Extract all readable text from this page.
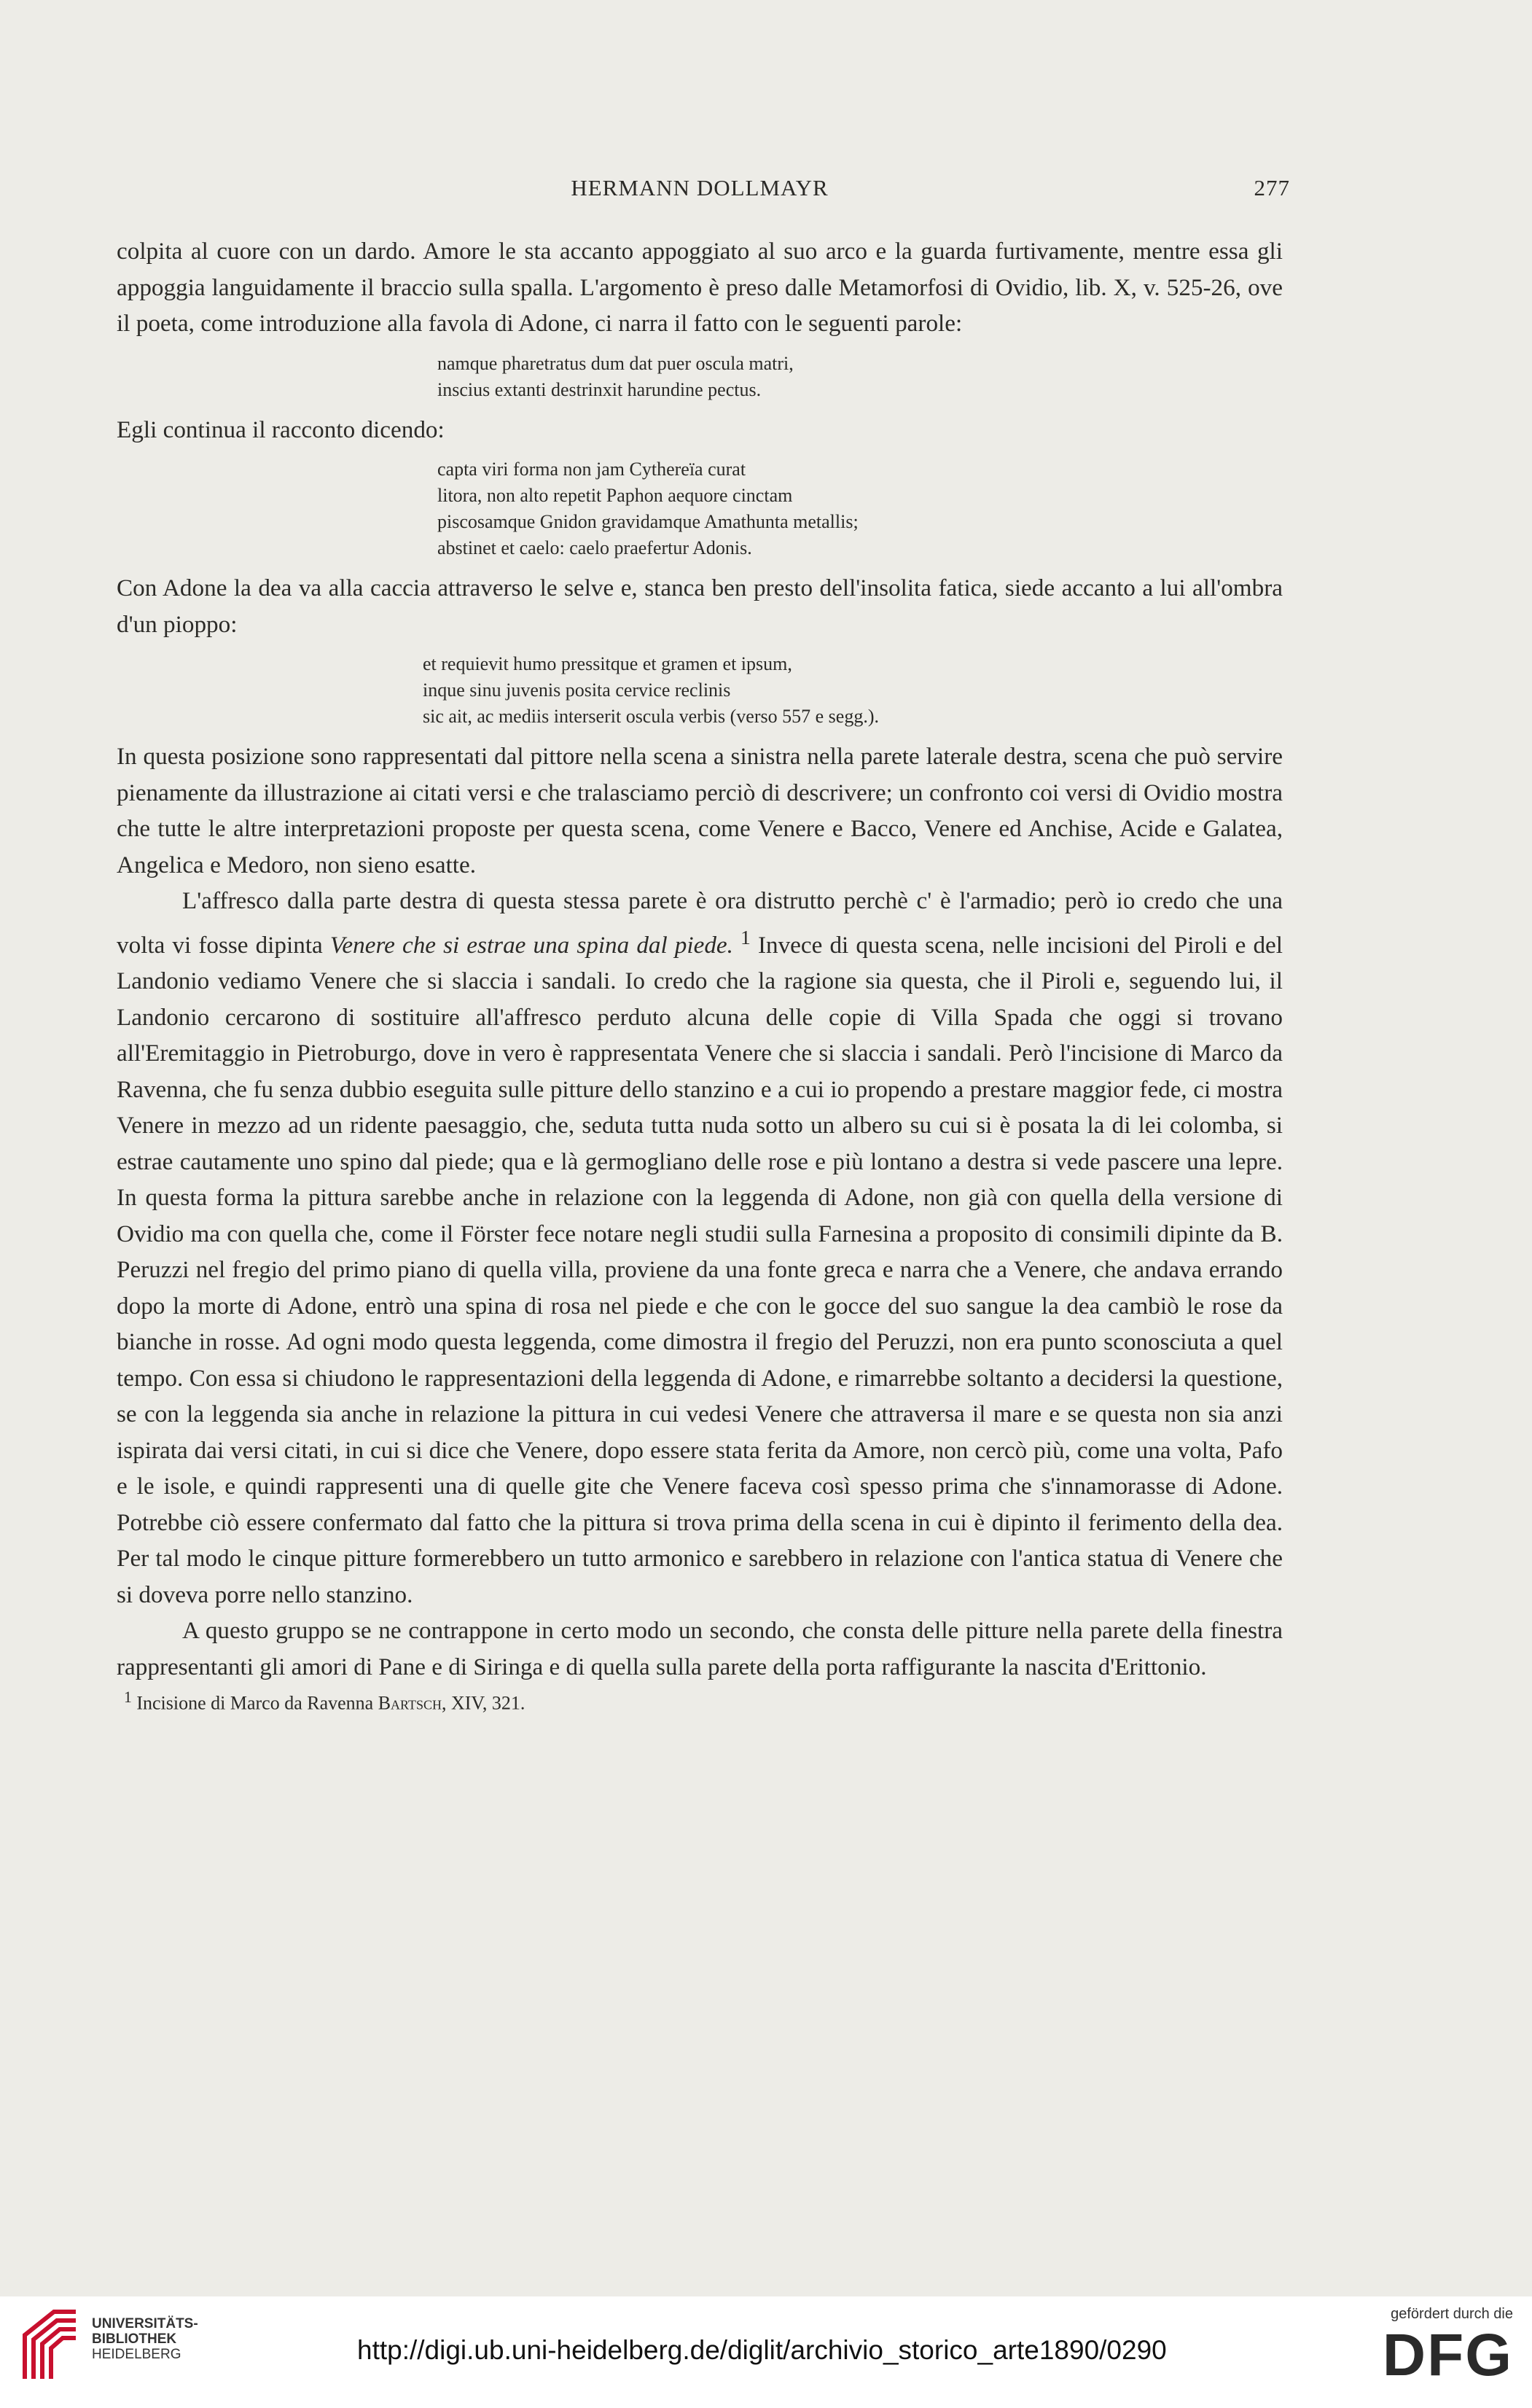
HERMANN DOLLMAYR	277

colpita al cuore con un dardo. Amore le sta accanto appoggiato al suo arco e la guarda furtivamente, mentre essa gli appoggia languidamente il braccio sulla spalla. L'argomento è preso dalle Metamorfosi di Ovidio, lib. X, v. 525-26, ove il poeta, come introduzione alla favola di Adone, ci narra il fatto con le seguenti parole:

namque pharetratus dum dat puer oscula matri,
inscius extanti destrinxit harundine pectus.

Egli continua il racconto dicendo:

capta viri forma non jam Cythereïa curat
litora, non alto repetit Paphon aequore cinctam
piscosamque Gnidon gravidamque Amathunta metallis;
abstinet et caelo: caelo praefertur Adonis.

Con Adone la dea va alla caccia attraverso le selve e, stanca ben presto dell'insolita fatica, siede accanto a lui all'ombra d'un pioppo:

et requievit humo pressitque et gramen et ipsum,
inque sinu juvenis posita cervice reclinis
sic ait, ac mediis interserit oscula verbis (verso 557 e segg.).

In questa posizione sono rappresentati dal pittore nella scena a sinistra nella parete laterale destra, scena che può servire pienamente da illustrazione ai citati versi e che tralasciamo perciò di descrivere; un confronto coi versi di Ovidio mostra che tutte le altre interpretazioni proposte per questa scena, come Venere e Bacco, Venere ed Anchise, Acide e Galatea, Angelica e Medoro, non sieno esatte.

L'affresco dalla parte destra di questa stessa parete è ora distrutto perchè c' è l'armadio; però io credo che una volta vi fosse dipinta Venere che si estrae una spina dal piede. $^1$ Invece di questa scena, nelle incisioni del Piroli e del Landonio vediamo Venere che si slaccia i sandali. Io credo che la ragione sia questa, che il Piroli e, seguendo lui, il Landonio cercarono di sostituire all'affresco perduto alcuna delle copie di Villa Spada che oggi si trovano all'Eremitaggio in Pietroburgo, dove in vero è rappresentata Venere che si slaccia i sandali. Però l'incisione di Marco da Ravenna, che fu senza dubbio eseguita sulle pitture dello stanzino e a cui io propendo a prestare maggior fede, ci mostra Venere in mezzo ad un ridente paesaggio, che, seduta tutta nuda sotto un albero su cui si è posata la di lei colomba, si estrae cautamente uno spino dal piede; qua e là germogliano delle rose e più lontano a destra si vede pascere una lepre. In questa forma la pittura sarebbe anche in relazione con la leggenda di Adone, non già con quella della versione di Ovidio ma con quella che, come il Förster fece notare negli studii sulla Farnesina a proposito di consimili dipinte da B. Peruzzi nel fregio del primo piano di quella villa, proviene da una fonte greca e narra che a Venere, che andava errando dopo la morte di Adone, entrò una spina di rosa nel piede e che con le gocce del suo sangue la dea cambiò le rose da bianche in rosse. Ad ogni modo questa leggenda, come dimostra il fregio del Peruzzi, non era punto sconosciuta a quel tempo. Con essa si chiudono le rappresentazioni della leggenda di Adone, e rimarrebbe soltanto a decidersi la questione, se con la leggenda sia anche in relazione la pittura in cui vedesi Venere che attraversa il mare e se questa non sia anzi ispirata dai versi citati, in cui si dice che Venere, dopo essere stata ferita da Amore, non cercò più, come una volta, Pafo e le isole, e quindi rappresenti una di quelle gite che Venere faceva così spesso prima che s'innamorasse di Adone. Potrebbe ciò essere confermato dal fatto che la pittura si trova prima della scena in cui è dipinto il ferimento della dea. Per tal modo le cinque pitture formerebbero un tutto armonico e sarebbero in relazione con l'antica statua di Venere che si doveva porre nello stanzino.

A questo gruppo se ne contrappone in certo modo un secondo, che consta delle pitture nella parete della finestra rappresentanti gli amori di Pane e di Siringa e di quella sulla parete della porta raffigurante la nascita d'Erittonio.

$^1$ Incisione di Marco da Ravenna Bartsch, XIV, 321.

UNIVERSITÄTS-
BIBLIOTHEK
HEIDELBERG	http://digi.ub.uni-heidelberg.de/diglit/archivio_storico_arte1890/0290
gefördert durch die
DFG
